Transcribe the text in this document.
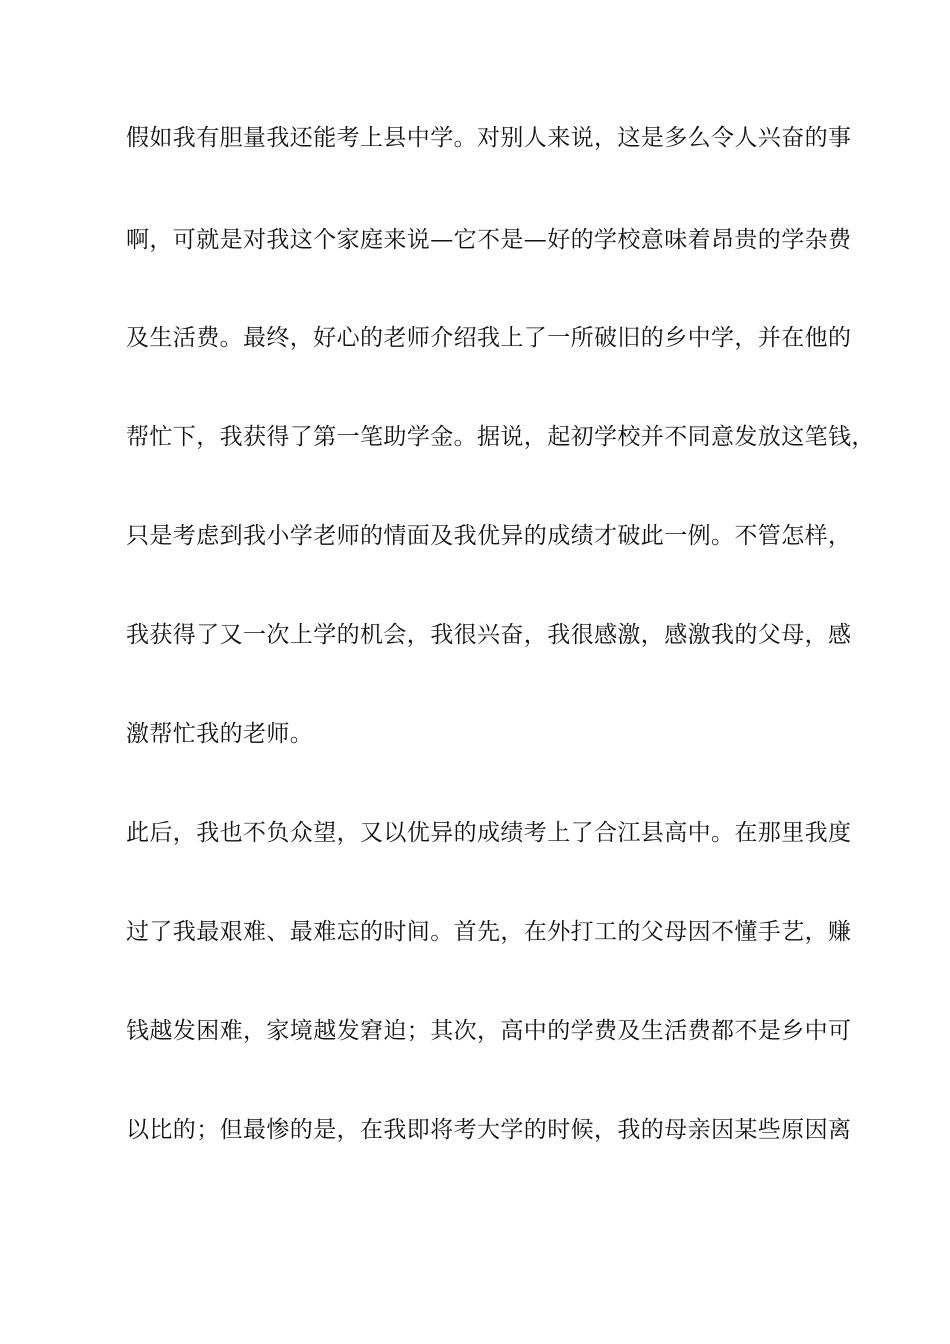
假如我有胆量我还能考上县中学。对别人来说，这是多么令人兴奋的事
啊，可就是对我这个家庭来说—它不是—好的学校意味着昂贵的学杂费
及生活费。最终，好心的老师介绍我上了一所破旧的乡中学，并在他的
帮忙下，我获得了第一笔助学金。据说，起初学校并不同意发放这笔钱，
只是考虑到我小学老师的情面及我优异的成绩才破此一例。不管怎样，
我获得了又一次上学的机会，我很兴奋，我很感激，感激我的父母，感
激帮忙我的老师。
此后，我也不负众望，又以优异的成绩考上了合江县高中。在那里我度
过了我最艰难、最难忘的时间。首先，在外打工的父母因不懂手艺，赚
钱越发困难，家境越发窘迫；其次，高中的学费及生活费都不是乡中可
以比的；但最惨的是，在我即将考大学的时候，我的母亲因某些原因离
